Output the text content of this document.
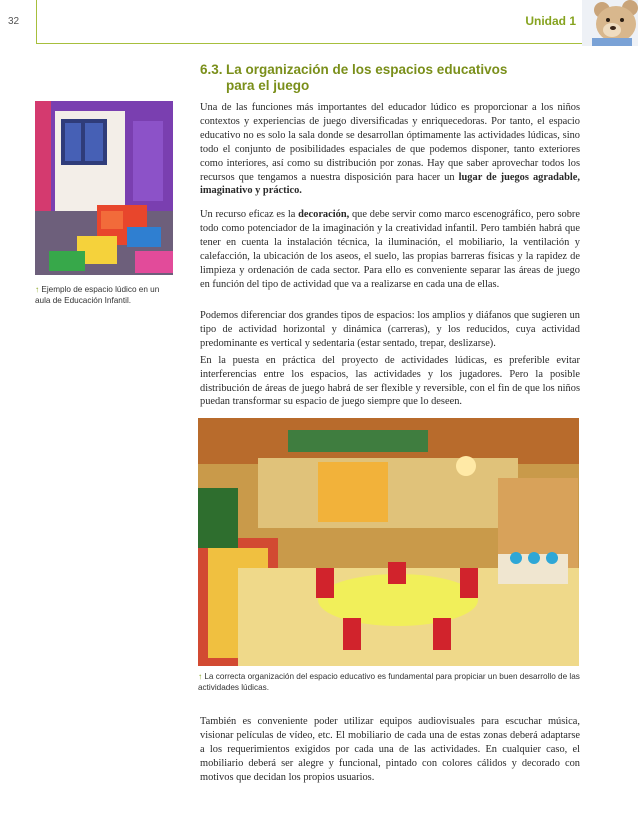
32	Unidad 1
6.3. La organización de los espacios educativos
para el juego

Una de las funciones más importantes del educador lúdico es proporcionar a los niños contextos y experiencias de juego diversificadas y enriquecedoras. Por tanto, el espacio educativo no es solo la sala donde se desarrollan óptimamente las actividades lúdicas, sino todo el conjunto de posibilidades espaciales de que podemos disponer, tanto exteriores como interiores, así como su distribución por zonas. Hay que saber aprovechar todos los recursos que tengamos a nuestra disposición para hacer un lugar de juegos agradable, imaginativo y práctico.

Un recurso eficaz es la decoración, que debe servir como marco escenográfico, pero sobre todo como potenciador de la imaginación y la creatividad infantil. Pero también habrá que tener en cuenta la instalación técnica, la iluminación, el mobiliario, la ventilación y calefacción, la ubicación de los aseos, el suelo, las propias barreras físicas y la rapidez de limpieza y ordenación de cada sector. Para ello es conveniente separar las áreas de juego en función del tipo de actividad que va a realizarse en cada una de ellas.

Podemos diferenciar dos grandes tipos de espacios: los amplios y diáfanos que sugieren un tipo de actividad horizontal y dinámica (carreras), y los reducidos, cuya actividad predominante es vertical y sedentaria (estar sentado, trepar, deslizarse).

En la puesta en práctica del proyecto de actividades lúdicas, es preferible evitar interferencias entre los espacios, las actividades y los jugadores. Pero la posible distribución de áreas de juego habrá de ser flexible y reversible, con el fin de que los niños puedan transformar su espacio de juego siempre que lo deseen.

↑ Ejemplo de espacio lúdico en un aula de Educación Infantil.
↑ La correcta organización del espacio educativo es fundamental para propiciar un buen desarrollo de las actividades lúdicas.

También es conveniente poder utilizar equipos audiovisuales para escuchar música, visionar películas de vídeo, etc. El mobiliario de cada una de estas zonas deberá adaptarse a los requerimientos exigidos por cada una de las actividades. En cualquier caso, el mobiliario deberá ser alegre y funcional, pintado con colores cálidos y decorado con motivos que decidan los propios usuarios.
